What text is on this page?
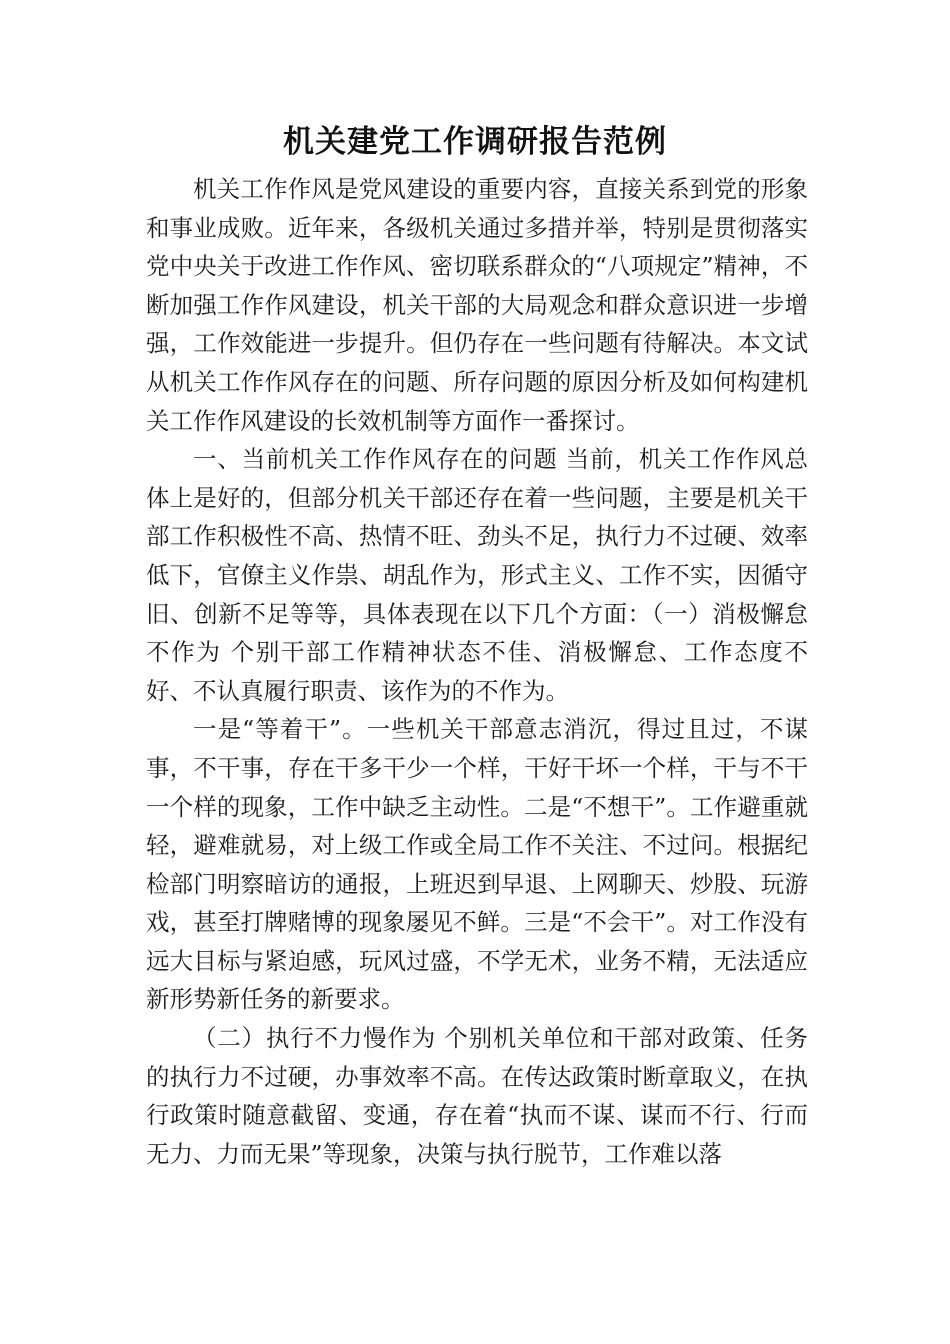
机关建党工作调研报告范例

机关工作作风是党风建设的重要内容，直接关系到党的形象和事业成败。近年来，各级机关通过多措并举，特别是贯彻落实党中央关于改进工作作风、密切联系群众的“八项规定”精神，不断加强工作作风建设，机关干部的大局观念和群众意识进一步增强，工作效能进一步提升。但仍存在一些问题有待解决。本文试从机关工作作风存在的问题、所存问题的原因分析及如何构建机关工作作风建设的长效机制等方面作一番探讨。

一、当前机关工作作风存在的问题 当前，机关工作作风总体上是好的，但部分机关干部还存在着一些问题，主要是机关干部工作积极性不高、热情不旺、劲头不足，执行力不过硬、效率低下，官僚主义作祟、胡乱作为，形式主义、工作不实，因循守旧、创新不足等等，具体表现在以下几个方面：（一）消极懈怠不作为 个别干部工作精神状态不佳、消极懈怠、工作态度不好、不认真履行职责、该作为的不作为。

一是“等着干”。一些机关干部意志消沉，得过且过，不谋事，不干事，存在干多干少一个样，干好干坏一个样，干与不干一个样的现象，工作中缺乏主动性。二是“不想干”。工作避重就轻，避难就易，对上级工作或全局工作不关注、不过问。根据纪检部门明察暗访的通报，上班迟到早退、上网聊天、炒股、玩游戏，甚至打牌赌博的现象屡见不鲜。三是“不会干”。对工作没有远大目标与紧迫感，玩风过盛，不学无术，业务不精，无法适应新形势新任务的新要求。

（二）执行不力慢作为 个别机关单位和干部对政策、任务的执行力不过硬，办事效率不高。在传达政策时断章取义，在执行政策时随意截留、变通，存在着“执而不谋、谋而不行、行而无力、力而无果”等现象，决策与执行脱节，工作难以落
